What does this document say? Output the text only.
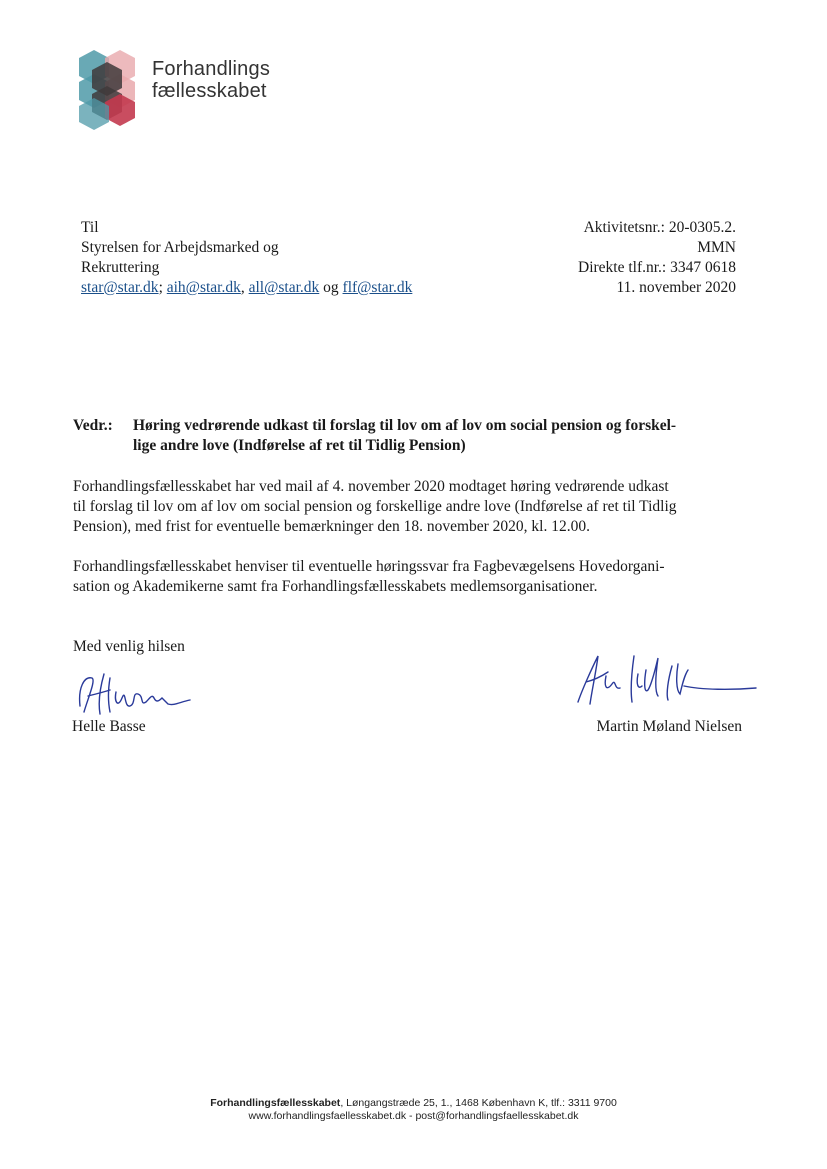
Forhandlings
fællesskabet
Til
Styrelsen for Arbejdsmarked og
Rekruttering
star@star.dk; aih@star.dk, all@star.dk og flf@star.dk
Aktivitetsnr.: 20-0305.2.
MMN
Direkte tlf.nr.: 3347 0618
11. november 2020
Vedr.: Høring vedrørende udkast til forslag til lov om af lov om social pension og forskel-
lige andre love (Indførelse af ret til Tidlig Pension)
Forhandlingsfællesskabet har ved mail af 4. november 2020 modtaget høring vedrørende udkast
til forslag til lov om af lov om social pension og forskellige andre love (Indførelse af ret til Tidlig
Pension), med frist for eventuelle bemærkninger den 18. november 2020, kl. 12.00.
Forhandlingsfællesskabet henviser til eventuelle høringssvar fra Fagbevægelsens Hovedorgani-
sation og Akademikerne samt fra Forhandlingsfællesskabets medlemsorganisationer.
Med venlig hilsen
Helle Basse	Martin Møland Nielsen
Forhandlingsfællesskabet, Løngangstræde 25, 1., 1468 København K, tlf.: 3311 9700
www.forhandlingsfaellesskabet.dk - post@forhandlingsfaellesskabet.dk
